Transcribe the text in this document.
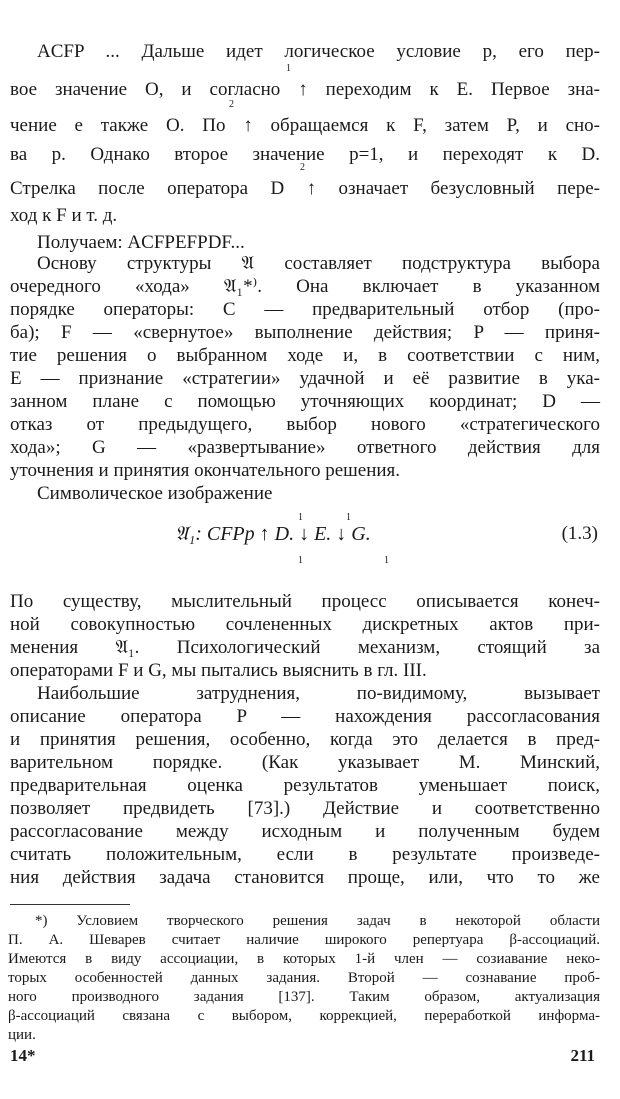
1
2
2
ACFP ... Дальше идет логическое условие p, его пер-
вое значение О, и согласно ↑ переходим к E. Первое зна-
чение e также O. По ↑ обращаемся к F, затем P, и сно-
ва p. Однако второе значение p=1, и переходят к D.
Стрелка после оператора D ↑ означает безусловный пере-
ход к F и т. д.
Получаем: ACFPEFPDF...
Основу структуры 𝔄 составляет подструктура выбора
очередного «хода» 𝔄₁*⁾. Она включает в указанном
порядке операторы: C — предварительный отбор (про-
ба); F — «свернутое» выполнение действия; P — приня-
тие решения о выбранном ходе и, в соответствии с ним,
E — признание «стратегии» удачной и её развитие в ука-
занном плане с помощью уточняющих координат; D —
отказ от предыдущего, выбор нового «стратегического
хода»; G — «развертывание» ответного действия для
уточнения и принятия окончательного решения.
Символическое изображение
1
1
1
1
𝔄₁: CFPp ↑ D. ↓ E. ↓ G.	(1.3)
По существу, мыслительный процесс описывается конеч-
ной совокупностью сочлененных дискретных актов при-
менения 𝔄₁. Психологический механизм, стоящий за
операторами F и G, мы пытались выяснить в гл. III.
Наибольшие затруднения, по-видимому, вызывает
описание оператора P — нахождения рассогласования
и принятия решения, особенно, когда это делается в пред-
варительном порядке. (Как указывает М. Минский,
предварительная оценка результатов уменьшает поиск,
позволяет предвидеть [73].) Действие и соответственно
рассогласование между исходным и полученным будем
считать положительным, если в результате произведе-
ния действия задача становится проще, или, что то же
*) Условием творческого решения задач в некоторой области
П. А. Шеварев считает наличие широкого репертуара β-ассоциаций.
Имеются в виду ассоциации, в которых 1-й член — созиавание неко-
торых особенностей данных задания. Второй — сознавание проб-
ного производного задания [137]. Таким образом, актуализация
β-ассоциаций связана с выбором, коррекцией, переработкой информа-
ции.
14*	211
